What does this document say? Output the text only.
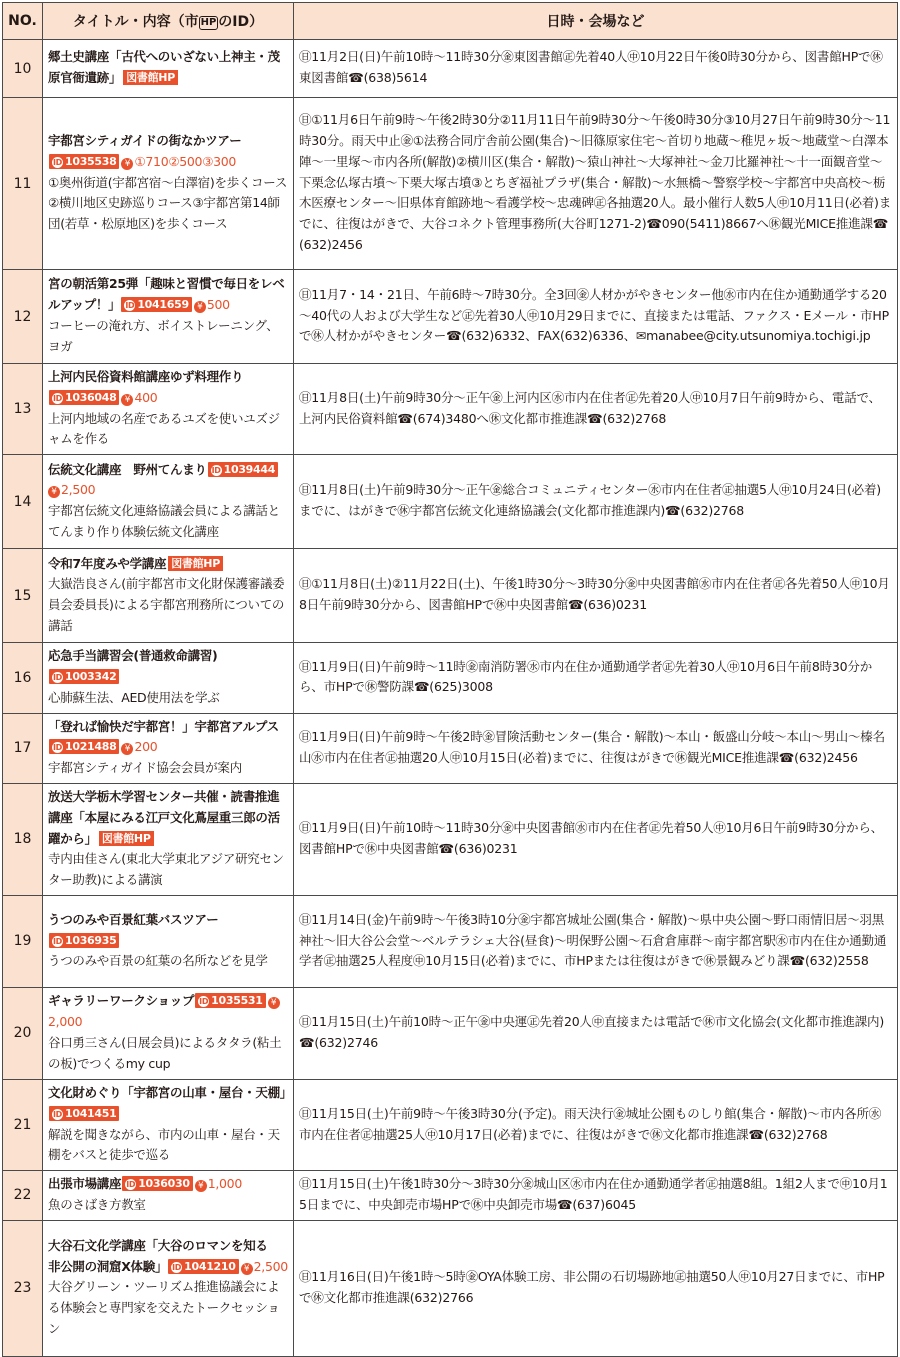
NO.	タイトル・内容（市 HP のID）	日時・会場など
10	郷土史講座「古代へのいざない上神主・茂原官衙遺跡」 図書館HP	㊐11月2日(日)午前10時～11時30分㊎東図書館㊣先着40人㊥10月22日午後0時30分から、図書館HPで㊡東図書館☎(638)5614
11	宇都宮シティガイドの街なかツアーID 1035538 ¥ ①710②500③300
①奥州街道(宇都宮宿～白澤宿)を歩くコース②横川地区史跡巡りコース③宇都宮第14師団(若草・松原地区)を歩くコース	㊐①11月6日午前9時～午後2時30分②11月11日午前9時30分～午後0時30分③10月27日午前9時30分～11時30分。雨天中止㊎①法務合同庁舎前公園(集合)～旧篠原家住宅～首切り地蔵～稚児ヶ坂～地蔵堂～白澤本陣～一里塚～市内各所(解散)②横川区(集合・解散)～猿山神社～大塚神社～金刀比羅神社～十一面観音堂～下栗念仏塚古墳～下栗大塚古墳③とちぎ福祉プラザ(集合・解散)～水無橋～警察学校～宇都宮中央高校～栃木医療センター～旧県体育館跡地～看護学校～忠魂碑㊣各抽選20人。最小催行人数5人㊥10月11日(必着)までに、往復はがきで、大谷コネクト管理事務所(大谷町1271-2)☎090(5411)8667へ㊡観光MICE推進課☎(632)2456
12	宮の朝活第25弾「趣味と習慣で毎日をレベルアップ！」 ID 1041659 ¥ 500
コーヒーの淹れ方、ボイストレーニング、ヨガ	㊐11月7・14・21日、午前6時～7時30分。全3回㊎人材かがやきセンター他㊌市内在住か通勤通学する20～40代の人および大学生など㊣先着30人㊥10月29日までに、直接または電話、ファクス・Eメール・市HPで㊡人材かがやきセンター☎(632)6332、FAX(632)6336、✉manabee@city.utsunomiya.tochigi.jp
13	上河内民俗資料館講座ゆず料理作りID 1036048 ¥ 400
上河内地域の名産であるユズを使いユズジャムを作る	㊐11月8日(土)午前9時30分～正午㊎上河内区㊌市内在住者㊣先着20人㊥10月7日午前9時から、電話で、上河内民俗資料館☎(674)3480へ㊡文化都市推進課☎(632)2768
14	伝統文化講座　野州てんまり ID 1039444¥ 2,500
宇都宮伝統文化連絡協議会員による講話とてんまり作り体験伝統文化講座	㊐11月8日(土)午前9時30分～正午㊎総合コミュニティセンター㊌市内在住者㊣抽選5人㊥10月24日(必着)までに、はがきで㊡宇都宮伝統文化連絡協議会(文化都市推進課内)☎(632)2768
15	令和7年度みや学講座 図書館HP
大嶽浩良さん(前宇都宮市文化財保護審議委員会委員長)による宇都宮刑務所についての講話	㊐①11月8日(土)②11月22日(土)、午後1時30分～3時30分㊎中央図書館㊌市内在住者㊣各先着50人㊥10月8日午前9時30分から、図書館HPで㊡中央図書館☎(636)0231
16	応急手当講習会(普通救命講習)ID 1003342
心肺蘇生法、AED使用法を学ぶ	㊐11月9日(日)午前9時～11時㊎南消防署㊌市内在住か通勤通学者㊣先着30人㊥10月6日午前8時30分から、市HPで㊡警防課☎(625)3008
17	「登れば愉快だ宇都宮！」宇都宮アルプスID 1021488 ¥ 200
宇都宮シティガイド協会会員が案内	㊐11月9日(日)午前9時～午後2時㊎冒険活動センター(集合・解散)～本山・飯盛山分岐～本山～男山～榛名山㊌市内在住者㊣抽選20人㊥10月15日(必着)までに、往復はがきで㊡観光MICE推進課☎(632)2456
18	放送大学栃木学習センター共催・読書推進講座「本屋にみる江戸文化蔦屋重三郎の活躍から」 図書館HP
寺内由佳さん(東北大学東北アジア研究センター助教)による講演	㊐11月9日(日)午前10時～11時30分㊎中央図書館㊌市内在住者㊣先着50人㊥10月6日午前9時30分から、図書館HPで㊡中央図書館☎(636)0231
19	うつのみや百景紅葉バスツアーID 1036935
うつのみや百景の紅葉の名所などを見学	㊐11月14日(金)午前9時～午後3時10分㊎宇都宮城址公園(集合・解散)～県中央公園～野口雨情旧居～羽黒神社～旧大谷公会堂～ベルテラシェ大谷(昼食)～明保野公園～石倉倉庫群～南宇都宮駅㊌市内在住か通勤通学者㊣抽選25人程度㊥10月15日(必着)までに、市HPまたは往復はがきで㊡景観みどり課☎(632)2558
20	ギャラリーワークショップ ID 1035531 ¥2,000
谷口勇三さん(日展会員)によるタタラ(粘土の板)でつくるmy cup	㊐11月15日(土)午前10時～正午㊎中央運㊣先着20人㊥直接または電話で㊡市文化協会(文化都市推進課内)☎(632)2746
21	文化財めぐり「宇都宮の山車・屋台・天棚」ID 1041451
解説を聞きながら、市内の山車・屋台・天棚をバスと徒歩で巡る	㊐11月15日(土)午前9時～午後3時30分(予定)。雨天決行㊎城址公園ものしり館(集合・解散)～市内各所㊌市内在住者㊣抽選25人㊥10月17日(必着)までに、往復はがきで㊡文化都市推進課☎(632)2768
22	出張市場講座 ID 1036030 ¥ 1,000
魚のさばき方教室	㊐11月15日(土)午後1時30分～3時30分㊎城山区㊌市内在住か通勤通学者㊣抽選8組。1組2人まで㊥10月15日までに、中央卸売市場HPで㊡中央卸売市場☎(637)6045
23	大谷石文化学講座「大谷のロマンを知る　非公開の洞窟X体験」 ID 1041210 ¥ 2,500
大谷グリーン・ツーリズム推進協議会による体験会と専門家を交えたトークセッション	㊐11月16日(日)午後1時～5時㊎OYA体験工房、非公開の石切場跡地㊣抽選50人㊥10月27日までに、市HPで㊡文化都市推進課(632)2766
